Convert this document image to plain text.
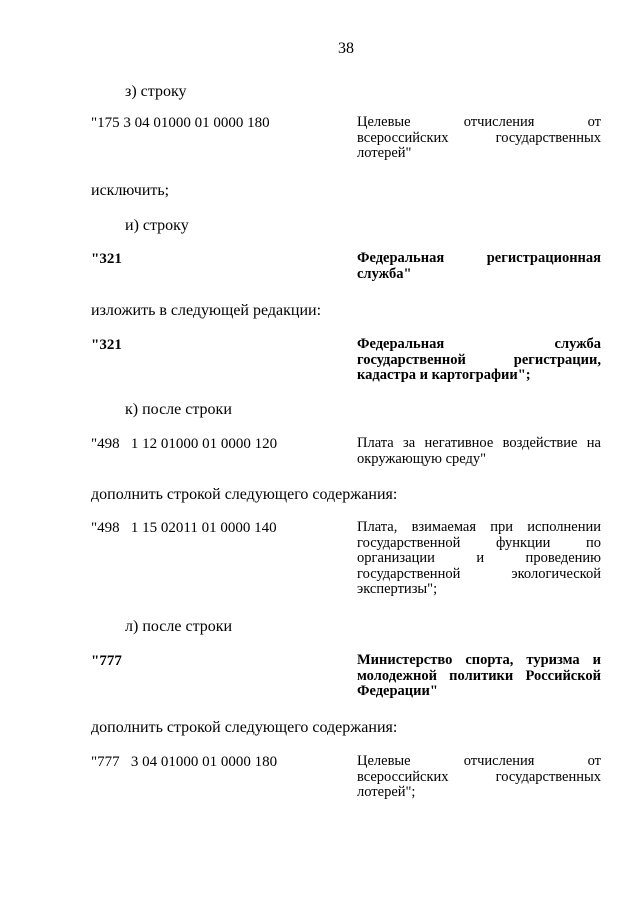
38
з) строку
"175 3 04 01000 01 0000 180	Целевые отчисления от
всероссийских государственных
лотерей"
исключить;
и) строку
"321	Федеральная регистрационная
служба"
изложить в следующей редакции:
"321	Федеральная служба
государственной регистрации,
кадастра и картографии";
к) после строки
"498   1 12 01000 01 0000 120	Плата за негативное воздействие на
окружающую среду"
дополнить строкой следующего содержания:
"498   1 15 02011 01 0000 140	Плата, взимаемая при исполнении
государственной функции по
организации и проведению
государственной экологической
экспертизы";
л) после строки
"777	Министерство спорта, туризма и
молодежной политики Российской
Федерации"
дополнить строкой следующего содержания:
"777   3 04 01000 01 0000 180	Целевые отчисления от
всероссийских государственных
лотерей";
